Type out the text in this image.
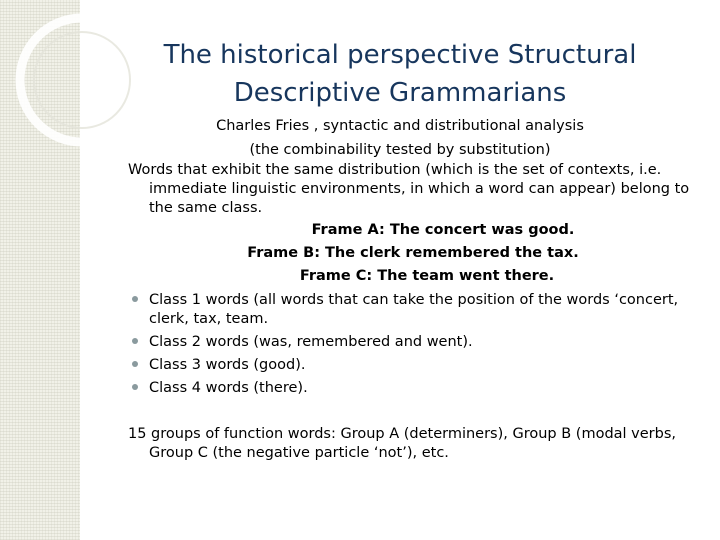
The historical perspective Structural
Descriptive Grammarians
Charles Fries , syntactic and distributional analysis
(the combinability tested by substitution)
Words that exhibit the same distribution (which is the set of contexts, i.e.
immediate linguistic environments, in which a word can appear) belong to
the same class.
Frame A: The concert was good.
Frame B: The clerk remembered the tax.
Frame C: The team went there.
Class 1 words (all words that can take the position of the words ‘concert,
clerk, tax, team.
Class 2 words (was, remembered and went).
Class 3 words (good).
Class 4 words (there).
15 groups of function words: Group A (determiners), Group B (modal verbs,
Group C (the negative particle ‘not’), etc.
